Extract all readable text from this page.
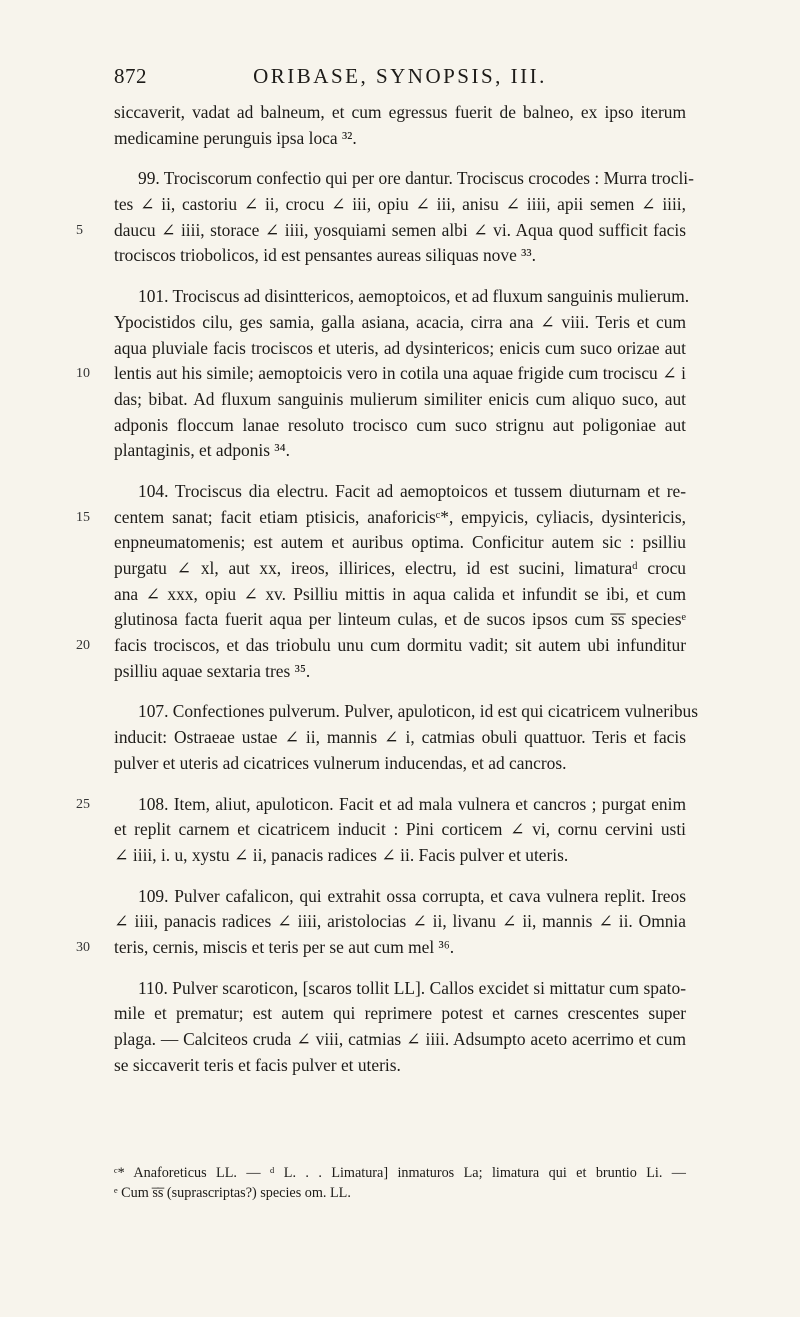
872	ORIBASE, SYNOPSIS, III.
siccaverit, vadat ad balneum, et cum egressus fuerit de balneo, ex ipso iterum
medicamine perunguis ipsa loca ³².
99. Trociscorum confectio qui per ore dantur. Trociscus crocodes : Murra trocli-
tes ∠ ii, castoriu ∠ ii, crocu ∠ iii, opiu ∠ iii, anisu ∠ iiii, apii semen ∠ iiii,
5	daucu ∠ iiii, storace ∠ iiii, yosquiami semen albi ∠ vi. Aqua quod sufficit facis
trociscos triobolicos, id est pensantes aureas siliquas nove ³³.
101. Trociscus ad disinttericos, aemoptoicos, et ad fluxum sanguinis mulierum.
Ypocistidos cilu, ges samia, galla asiana, acacia, cirra ana ∠ viii. Teris et cum
aqua pluviale facis trociscos et uteris, ad dysintericos; enicis cum suco orizae aut
10	lentis aut his simile; aemoptoicis vero in cotila una aquae frigide cum trociscu ∠ i
das; bibat. Ad fluxum sanguinis mulierum similiter enicis cum aliquo suco, aut
adponis floccum lanae resoluto trocisco cum suco strignu aut poligoniae aut
plantaginis, et adponis ³⁴.
104. Trociscus dia electru. Facit ad aemoptoicos et tussem diuturnam et re-
15	centem sanat; facit etiam ptisicis, anaforicisᶜ*, empyicis, cyliacis, dysintericis,
enpneumatomenis; est autem et auribus optima. Conficitur autem sic : psilliu
purgatu ∠ xl, aut xx, ireos, illirices, electru, id est sucini, limaturaᵈ crocu
ana ∠ xxx, opiu ∠ xv. Psilliu mittis in aqua calida et infundit se ibi, et cum
glutinosa facta fuerit aqua per linteum culas, et de sucos ipsos cum s̅s̅ speciesᵉ
20	facis trociscos, et das triobulu unu cum dormitu vadit; sit autem ubi infunditur
psilliu aquae sextaria tres ³⁵.
107. Confectiones pulverum. Pulver, apuloticon, id est qui cicatricem vulneribus
inducit: Ostraeae ustae ∠ ii, mannis ∠ i, catmias obuli quattuor. Teris et facis
pulver et uteris ad cicatrices vulnerum inducendas, et ad cancros.
25	108. Item, aliut, apuloticon. Facit et ad mala vulnera et cancros ; purgat enim
et replit carnem et cicatricem inducit : Pini corticem ∠ vi, cornu cervini usti
∠ iiii, i. u, xystu ∠ ii, panacis radices ∠ ii. Facis pulver et uteris.
109. Pulver cafalicon, qui extrahit ossa corrupta, et cava vulnera replit. Ireos
∠ iiii, panacis radices ∠ iiii, aristolocias ∠ ii, livanu ∠ ii, mannis ∠ ii. Omnia
30	teris, cernis, miscis et teris per se aut cum mel ³⁶.
110. Pulver scaroticon, [scaros tollit LL]. Callos excidet si mittatur cum spato-
mile et prematur; est autem qui reprimere potest et carnes crescentes super
plaga. — Calciteos cruda ∠ viii, catmias ∠ iiii. Adsumpto aceto acerrimo et cum
se siccaverit teris et facis pulver et uteris.
ᶜ* Anaforeticus LL. — ᵈ L. . . Limatura] inmaturos La; limatura qui et bruntio Li. —
ᵉ Cum s̅s̅ (suprascriptas?) species om. LL.
